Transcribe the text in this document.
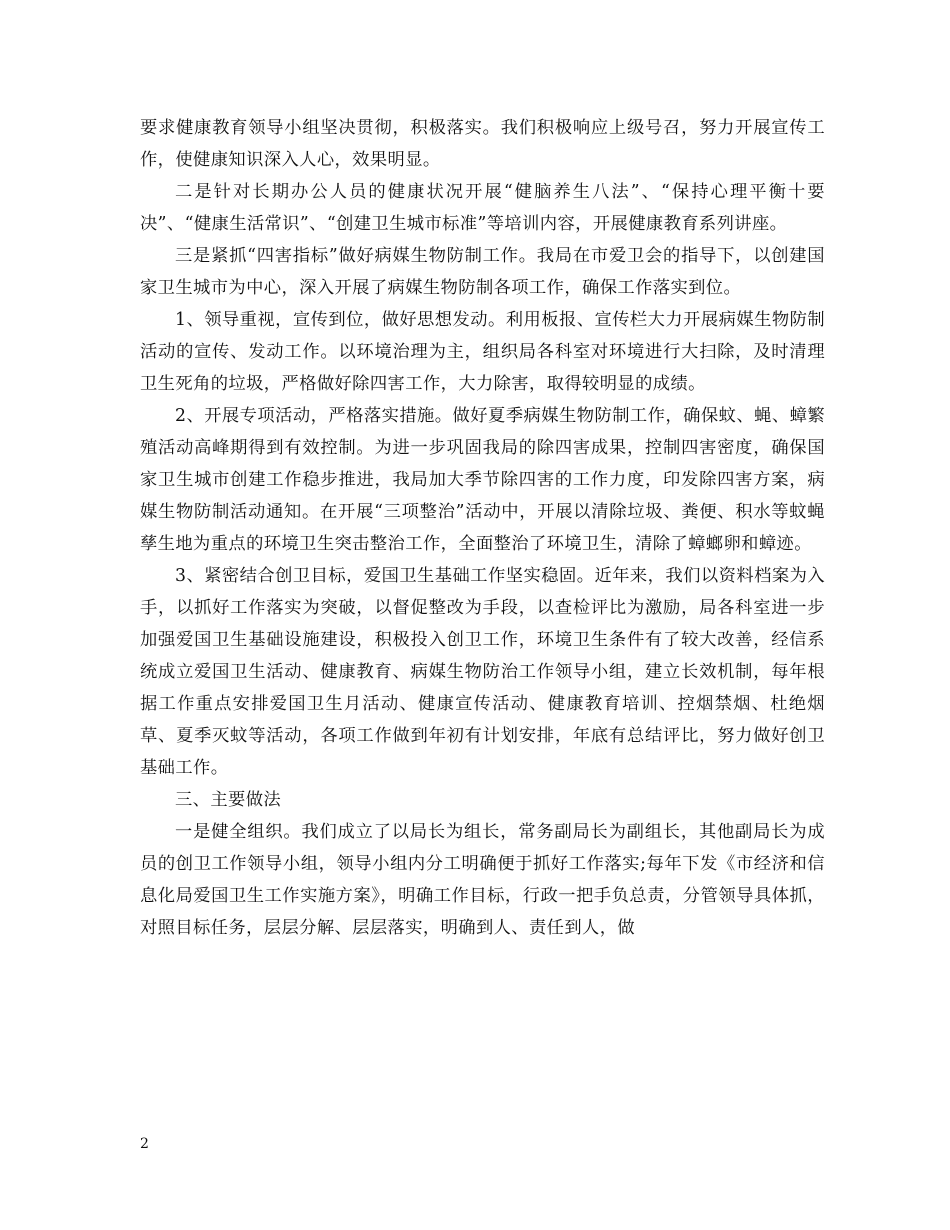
要求健康教育领导小组坚决贯彻，积极落实。我们积极响应上级号召，努力开展宣传工作，使健康知识深入人心，效果明显。

二是针对长期办公人员的健康状况开展“健脑养生八法”、“保持心理平衡十要决”、“健康生活常识”、“创建卫生城市标准”等培训内容，开展健康教育系列讲座。

三是紧抓“四害指标”做好病媒生物防制工作。我局在市爱卫会的指导下，以创建国家卫生城市为中心，深入开展了病媒生物防制各项工作，确保工作落实到位。

1、领导重视，宣传到位，做好思想发动。利用板报、宣传栏大力开展病媒生物防制活动的宣传、发动工作。以环境治理为主，组织局各科室对环境进行大扫除，及时清理卫生死角的垃圾，严格做好除四害工作，大力除害，取得较明显的成绩。

2、开展专项活动，严格落实措施。做好夏季病媒生物防制工作，确保蚊、蝇、蟑繁殖活动高峰期得到有效控制。为进一步巩固我局的除四害成果，控制四害密度，确保国家卫生城市创建工作稳步推进，我局加大季节除四害的工作力度，印发除四害方案，病媒生物防制活动通知。在开展“三项整治”活动中，开展以清除垃圾、粪便、积水等蚊蝇孳生地为重点的环境卫生突击整治工作，全面整治了环境卫生，清除了蟑螂卵和蟑迹。

3、紧密结合创卫目标，爱国卫生基础工作坚实稳固。近年来，我们以资料档案为入手，以抓好工作落实为突破，以督促整改为手段，以查检评比为激励，局各科室进一步加强爱国卫生基础设施建设，积极投入创卫工作，环境卫生条件有了较大改善，经信系统成立爱国卫生活动、健康教育、病媒生物防治工作领导小组，建立长效机制，每年根据工作重点安排爱国卫生月活动、健康宣传活动、健康教育培训、控烟禁烟、杜绝烟草、夏季灭蚊等活动，各项工作做到年初有计划安排，年底有总结评比，努力做好创卫基础工作。

三、主要做法

一是健全组织。我们成立了以局长为组长，常务副局长为副组长，其他副局长为成员的创卫工作领导小组，领导小组内分工明确便于抓好工作落实;每年下发《市经济和信息化局爱国卫生工作实施方案》，明确工作目标，行政一把手负总责，分管领导具体抓，对照目标任务，层层分解、层层落实，明确到人、责任到人，做

2
